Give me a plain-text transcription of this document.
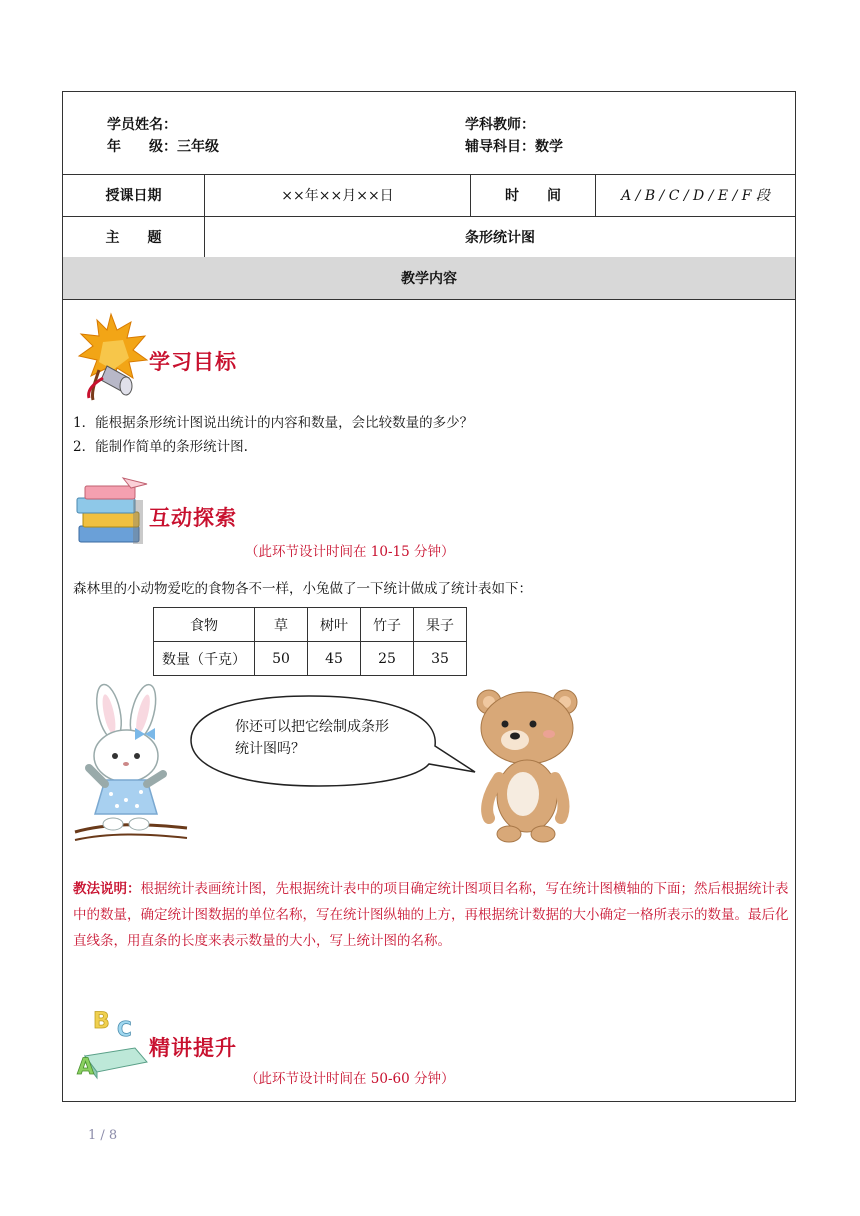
学员姓名：	学科教师：
年　　级：三年级	辅导科目：数学
授课日期	××年××月××日	时　　间	A / B / C / D / E / F 段
主　　题	条形统计图
教学内容
学习目标
1．能根据条形统计图说出统计的内容和数量，会比较数量的多少？
2．能制作简单的条形统计图.
互动探索
（此环节设计时间在 10-15 分钟）
森林里的小动物爱吃的食物各不一样，小兔做了一下统计做成了统计表如下：
食物	草	树叶	竹子	果子
数量（千克）	50	45	25	35
你还可以把它绘制成条形统计图吗？
教法说明：根据统计表画统计图，先根据统计表中的项目确定统计图项目名称，写在统计图横轴的下面；然后根据统计表中的数量，确定统计图数据的单位名称，写在统计图纵轴的上方，再根据统计数据的大小确定一格所表示的数量。最后化直线条，用直条的长度来表示数量的大小，写上统计图的名称。
B C
A
精讲提升
（此环节设计时间在 50-60 分钟）
1 / 8
